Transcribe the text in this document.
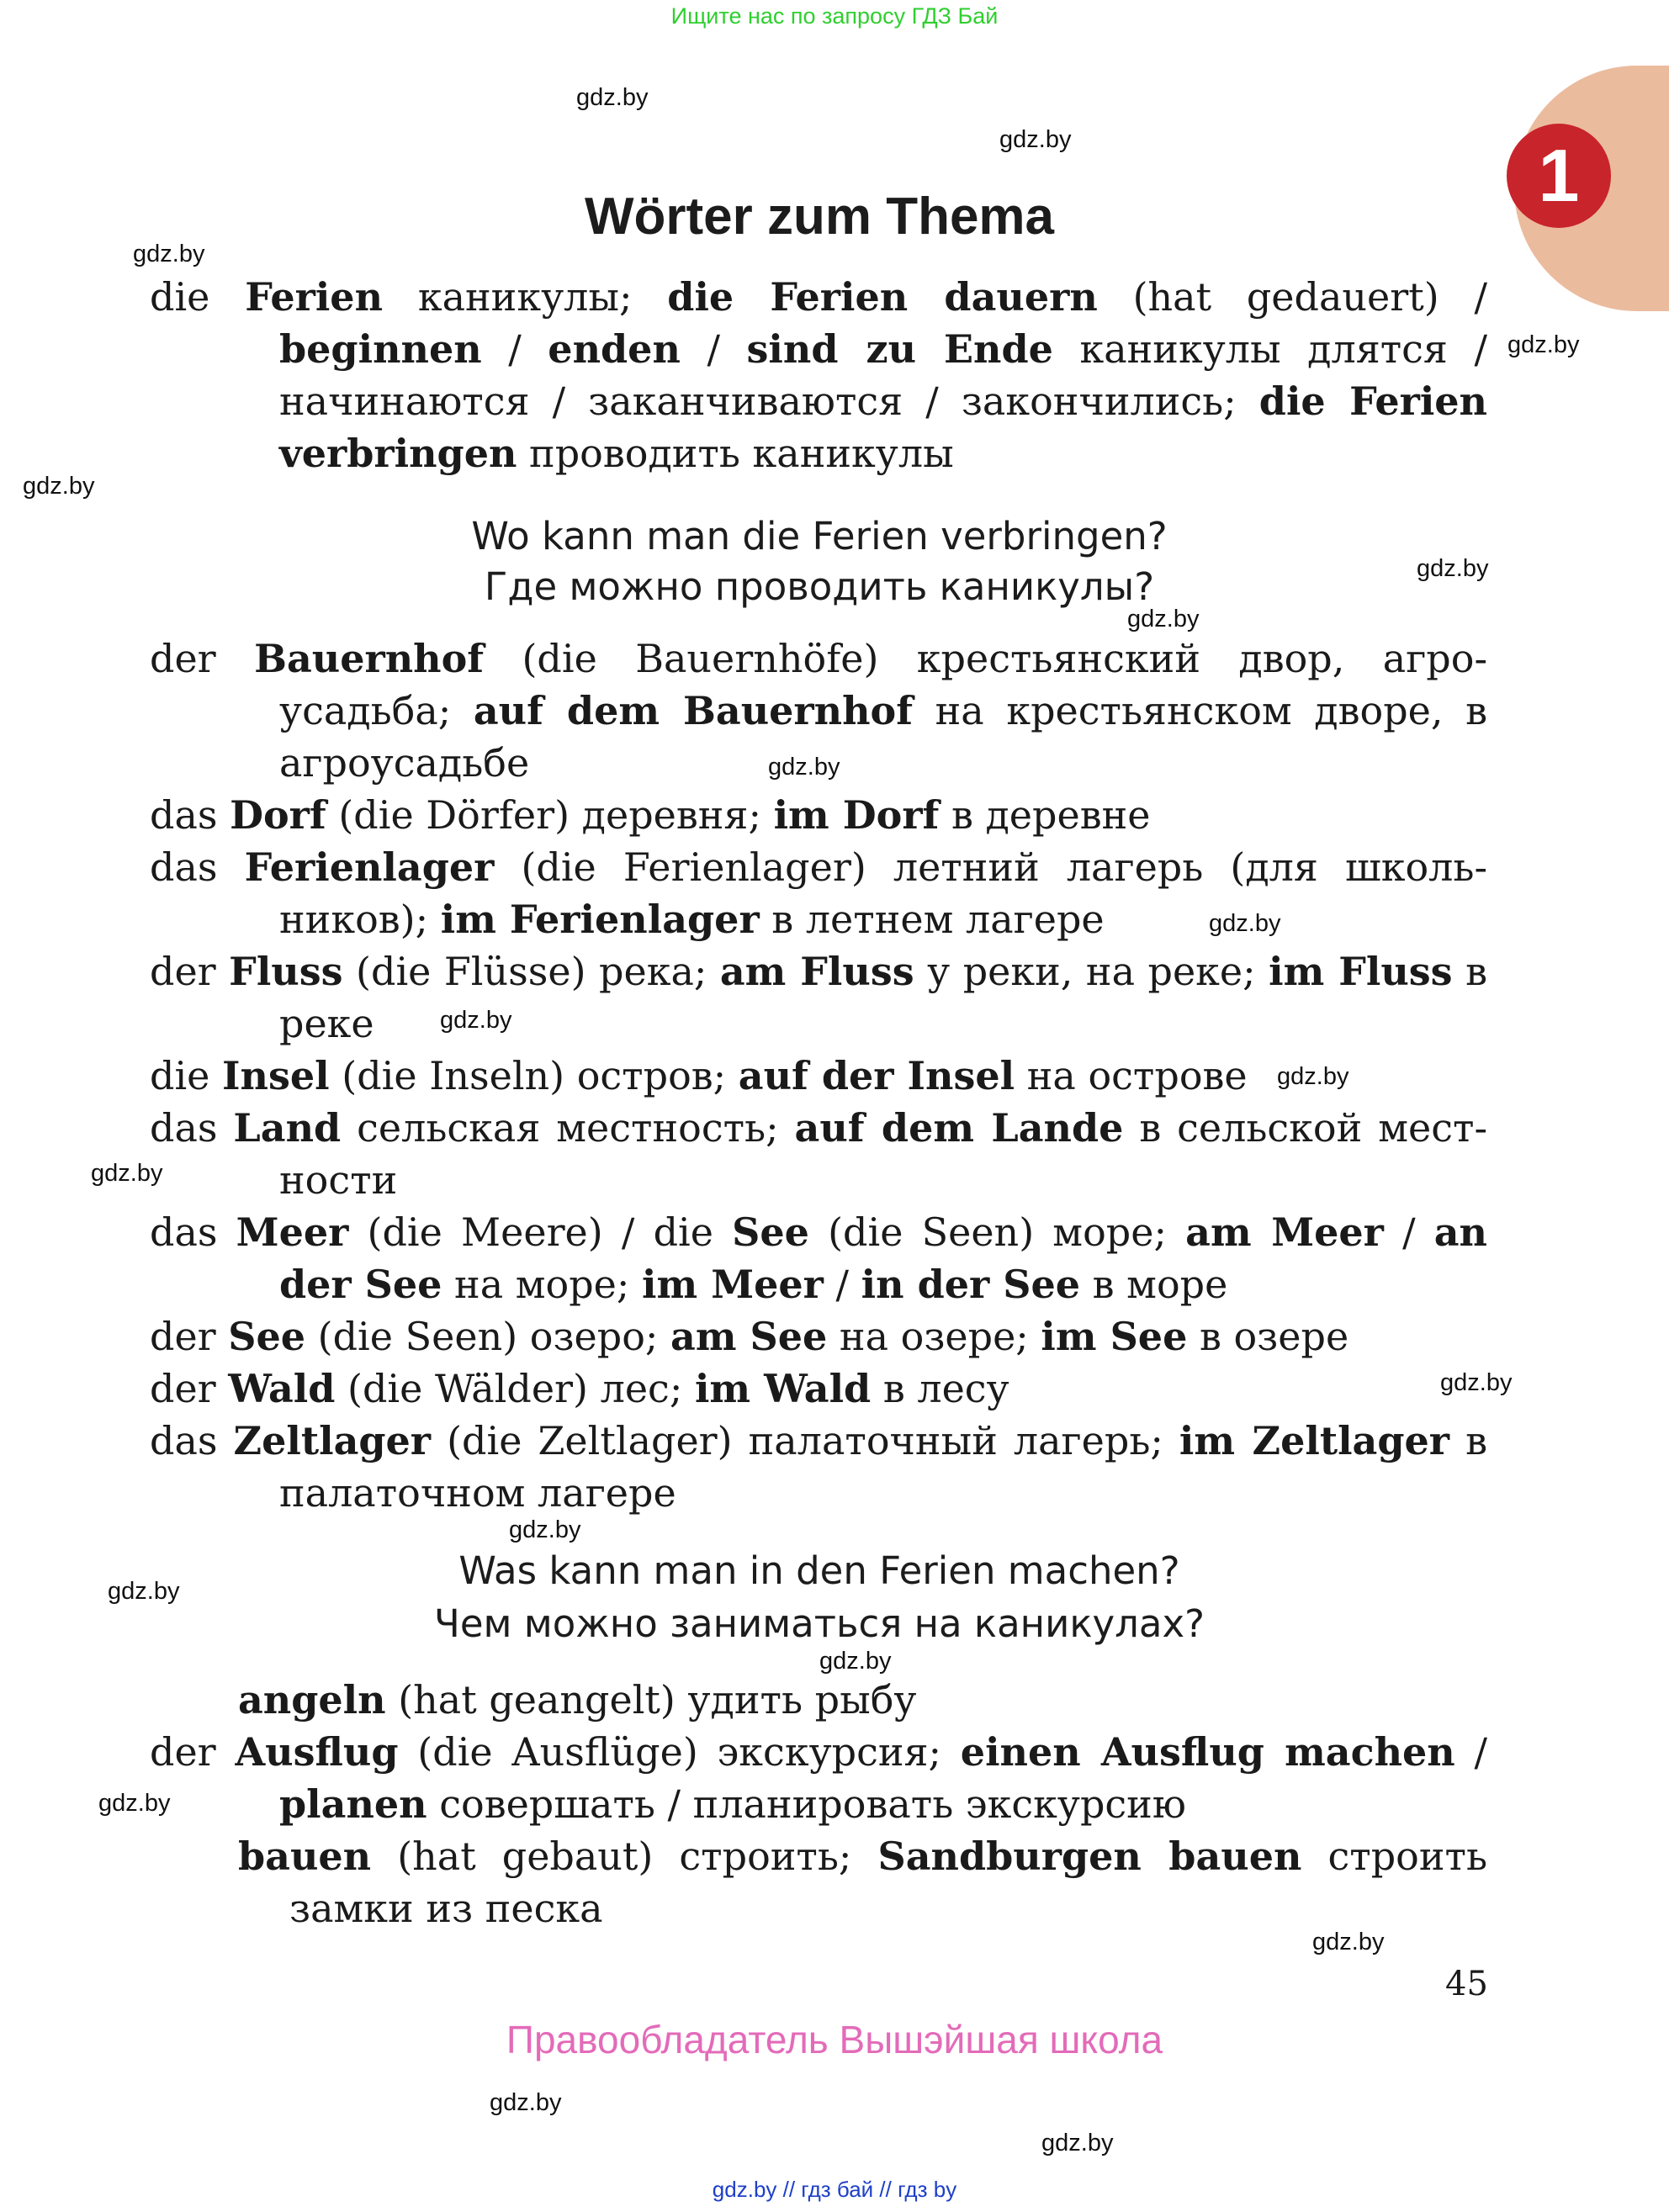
Ищите нас по запросу ГДЗ Бай
1
Wörter zum Thema
die Ferien каникулы; die Ferien dauern (hat gedauert) / beginnen / enden / sind zu Ende каникулы длятся / начинаются / заканчиваются / закончились; die Ferien verbringen проводить каникулы
Wo kann man die Ferien verbringen?
Где можно проводить каникулы?
der Bauernhof (die Bauernhöfe) крестьянский двор, агро-усадьба; auf dem Bauernhof на крестьянском дворе, в агроусадьбе
das Dorf (die Dörfer) деревня; im Dorf в деревне
das Ferienlager (die Ferienlager) летний лагерь (для школь-ников); im Ferienlager в летнем лагере
der Fluss (die Flüsse) река; am Fluss у реки, на реке; im Fluss в реке
die Insel (die Inseln) остров; auf der Insel на острове
das Land сельская местность; auf dem Lande в сельской мест-ности
das Meer (die Meere) / die See (die Seen) море; am Meer / an der See на море; im Meer / in der See в море
der See (die Seen) озеро; am See на озере; im See в озере
der Wald (die Wälder) лес; im Wald в лесу
das Zeltlager (die Zeltlager) палаточный лагерь; im Zeltlager в палаточном лагере
Was kann man in den Ferien machen?
Чем можно заниматься на каникулах?
angeln (hat geangelt) удить рыбу
der Ausflug (die Ausflüge) экскурсия; einen Ausflug machen / planen совершать / планировать экскурсию
bauen (hat gebaut) строить; Sandburgen bauen строить замки из песка
45
Правообладатель Вышэйшая школа
gdz.by // гдз бай // гдз by
gdz.by
gdz.by
gdz.by
gdz.by
gdz.by
gdz.by
gdz.by
gdz.by
gdz.by
gdz.by
gdz.by
gdz.by
gdz.by
gdz.by
gdz.by
gdz.by
gdz.by
gdz.by
gdz.by
gdz.by
